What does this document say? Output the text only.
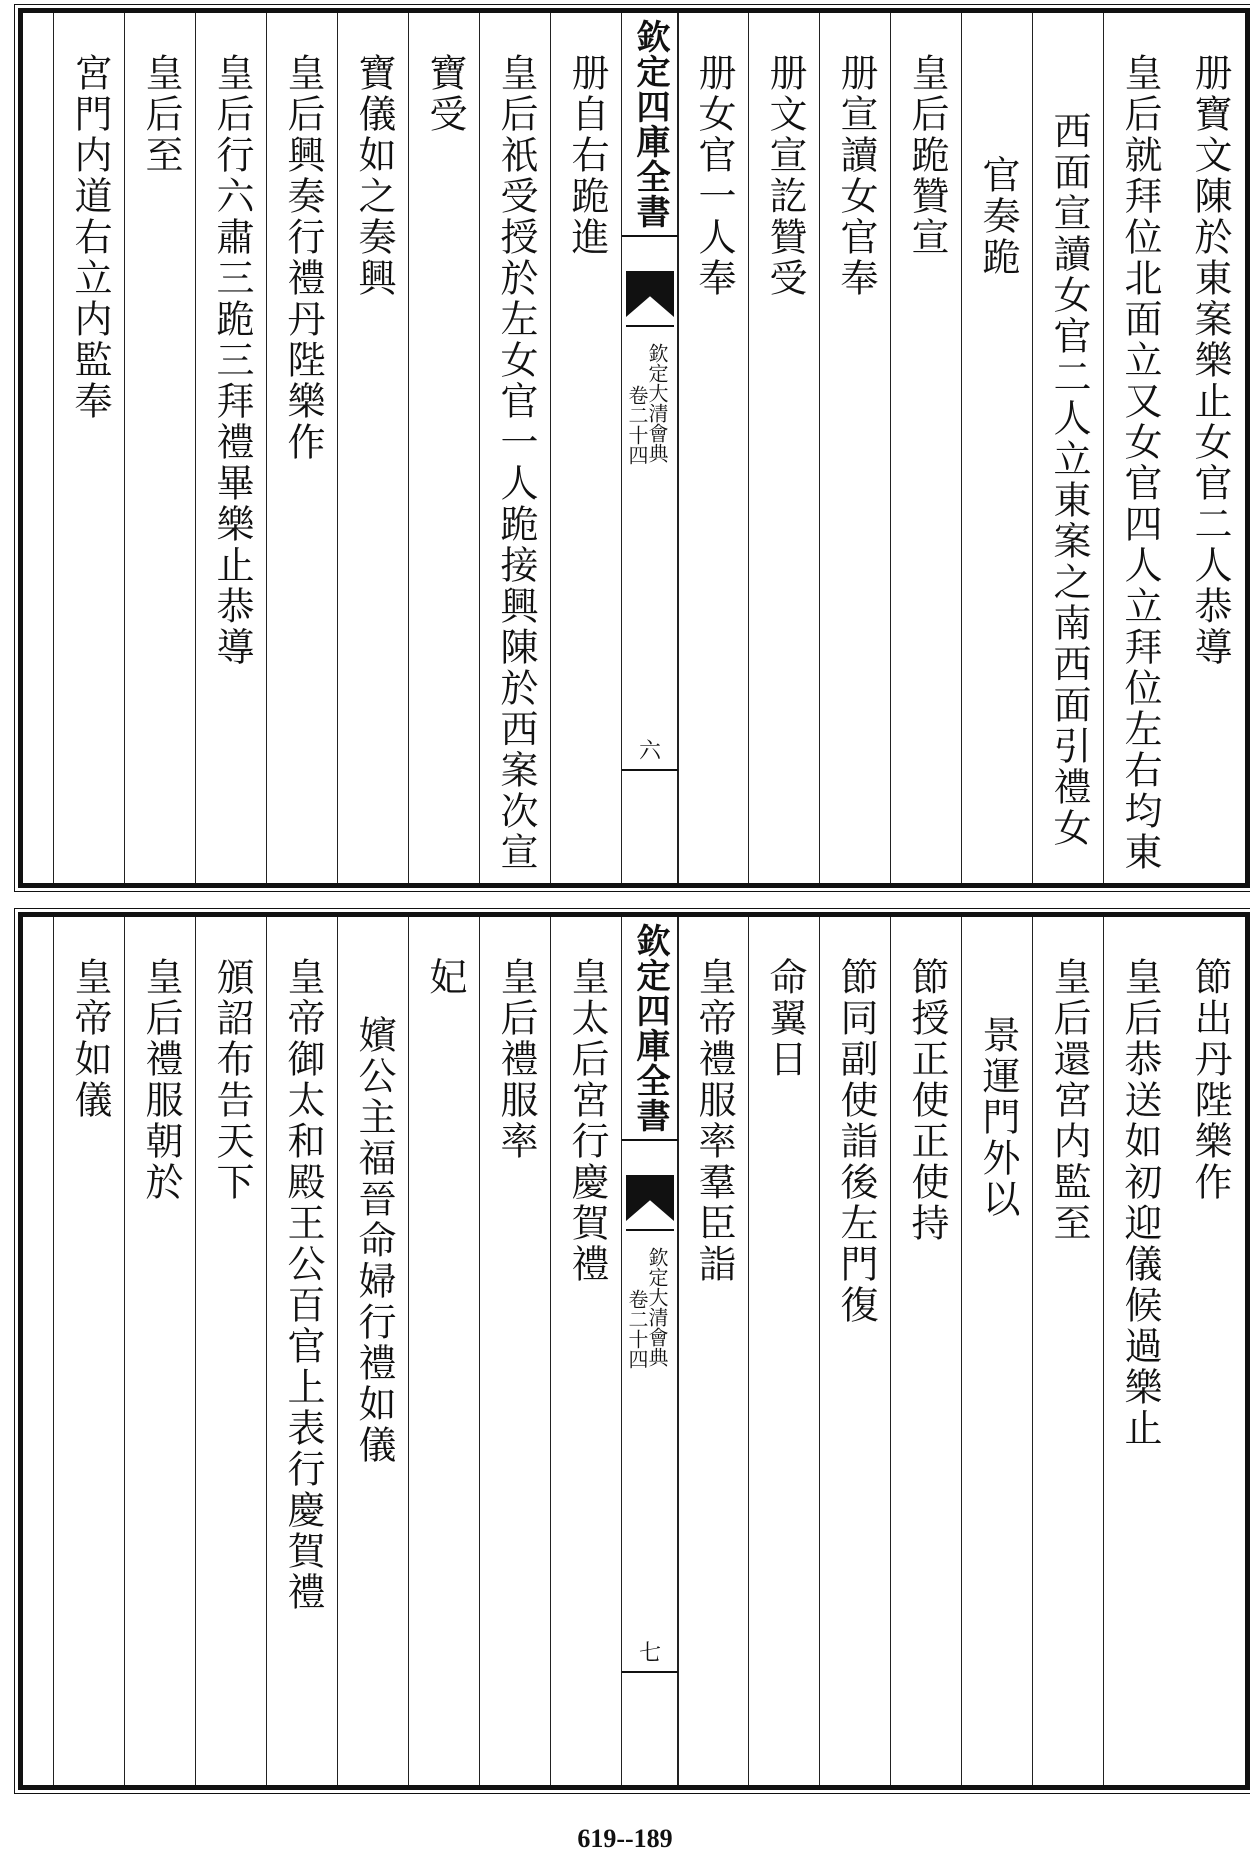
册寶文陳於東案樂止女官二人恭導
皇后就拜位北面立又女官四人立拜位左右均東
西面宣讀女官二人立東案之南西面引禮女
官奏跪
皇后跪贊宣
册宣讀女官奉
册文宣訖贊受
册女官一人奉
欽定四庫全書
欽定大清會典
卷二十四
六
册自右跪進
皇后祇受授於左女官一人跪接興陳於西案次宣
寶受
寶儀如之奏興
皇后興奏行禮丹陛樂作
皇后行六肅三跪三拜禮畢樂止恭導
皇后至
宮門内道右立内監奉
節出丹陛樂作
皇后恭送如初迎儀候過樂止
皇后還宮内監至
景運門外以
節授正使正使持
節同副使詣後左門復
命翼日
皇帝禮服率羣臣詣
欽定四庫全書
欽定大清會典
卷二十四
七
皇太后宮行慶賀禮
皇后禮服率
妃
嬪公主福晉命婦行禮如儀
皇帝御太和殿王公百官上表行慶賀禮
頒詔布告天下
皇后禮服朝於
皇帝如儀
619--189
